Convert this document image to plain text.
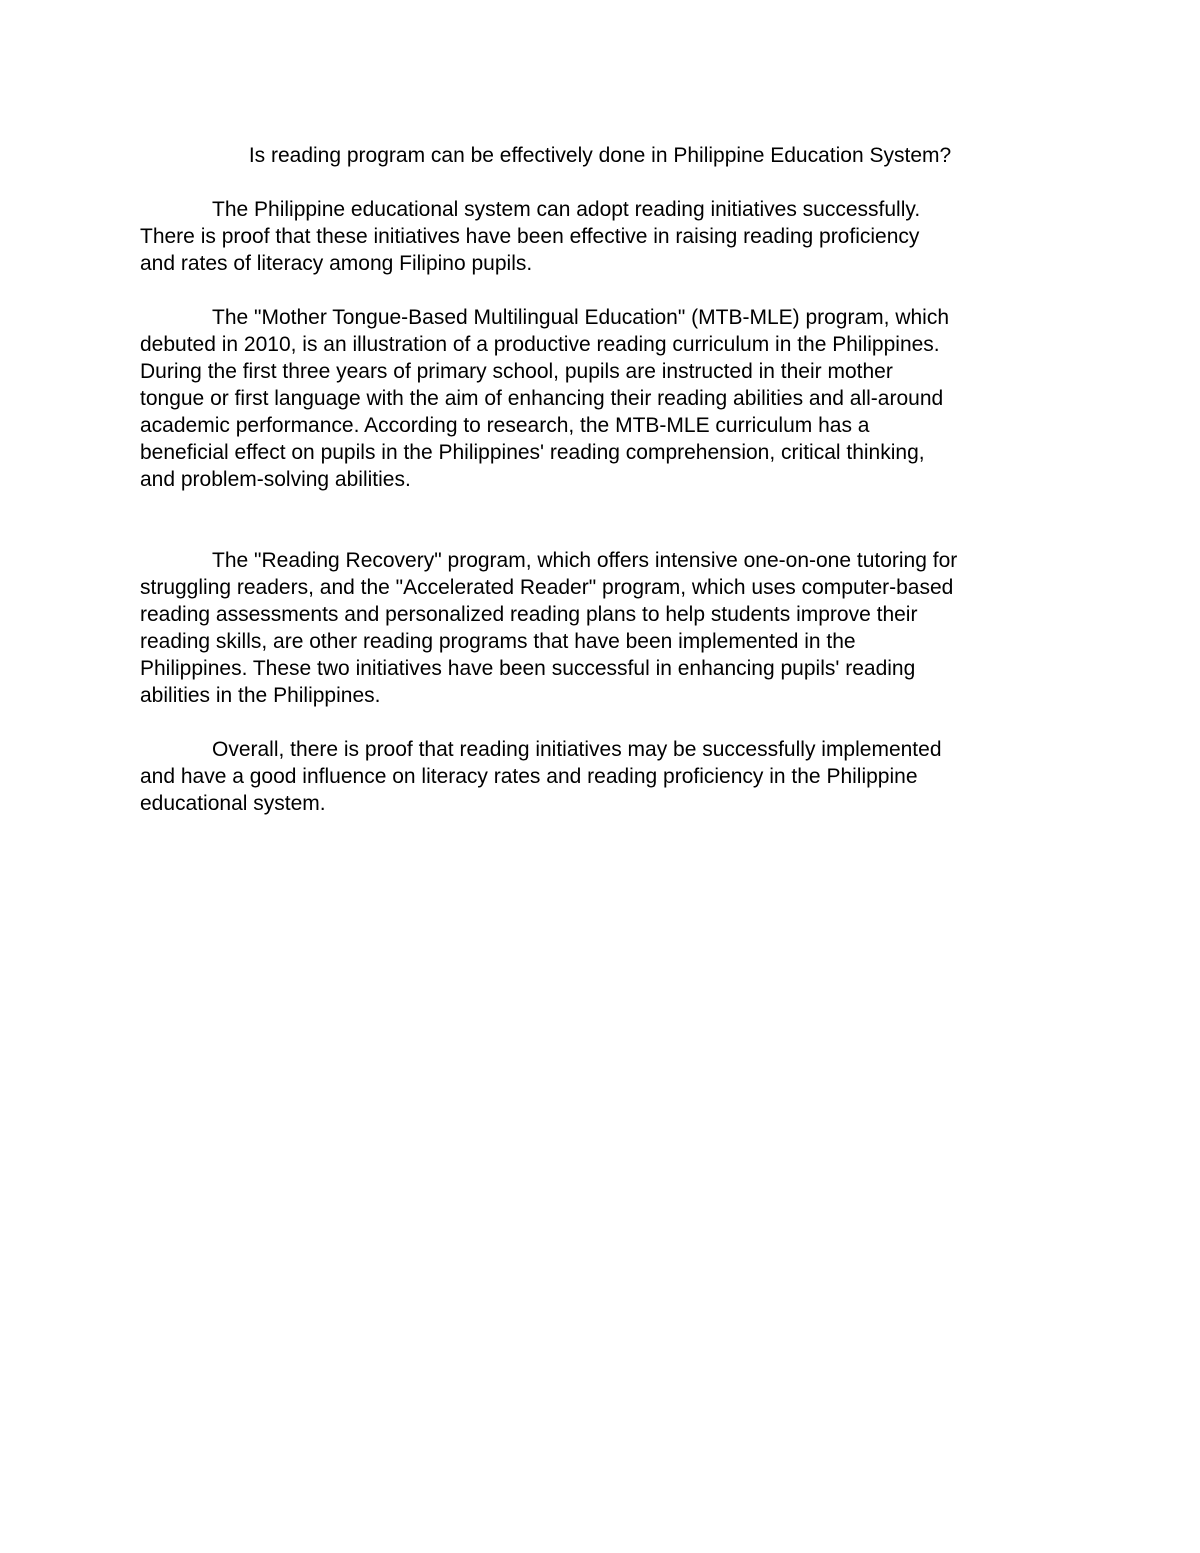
Is reading program can be effectively done in Philippine Education System?

The Philippine educational system can adopt reading initiatives successfully.
There is proof that these initiatives have been effective in raising reading proficiency
and rates of literacy among Filipino pupils.

The "Mother Tongue-Based Multilingual Education" (MTB-MLE) program, which
debuted in 2010, is an illustration of a productive reading curriculum in the Philippines.
During the first three years of primary school, pupils are instructed in their mother
tongue or first language with the aim of enhancing their reading abilities and all-around
academic performance. According to research, the MTB-MLE curriculum has a
beneficial effect on pupils in the Philippines' reading comprehension, critical thinking,
and problem-solving abilities.

The "Reading Recovery" program, which offers intensive one-on-one tutoring for
struggling readers, and the "Accelerated Reader" program, which uses computer-based
reading assessments and personalized reading plans to help students improve their
reading skills, are other reading programs that have been implemented in the
Philippines. These two initiatives have been successful in enhancing pupils' reading
abilities in the Philippines.

Overall, there is proof that reading initiatives may be successfully implemented
and have a good influence on literacy rates and reading proficiency in the Philippine
educational system.
